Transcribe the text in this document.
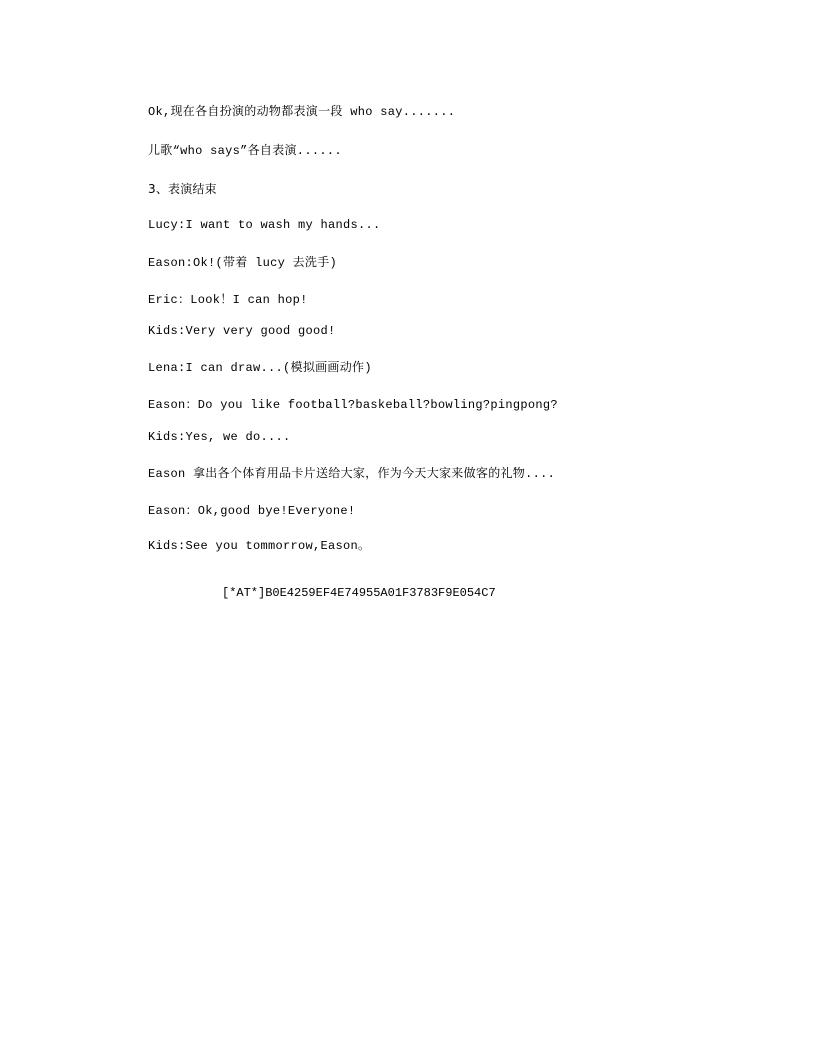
Ok,现在各自扮演的动物都表演一段 who say.......
儿歌“who says”各自表演......
3、表演结束
Lucy:I want to wash my hands...
Eason:Ok!(带着 lucy 去洗手)
Eric：Look！I can hop!
Kids:Very very good good!
Lena:I can draw...(模拟画画动作)
Eason：Do you like football?baskeball?bowling?pingpong?
Kids:Yes, we do....
Eason 拿出各个体育用品卡片送给大家，作为今天大家来做客的礼物....
Eason：Ok,good bye!Everyone!
Kids:See you tommorrow,Eason。
[*AT*]B0E4259EF4E74955A01F3783F9E054C7
